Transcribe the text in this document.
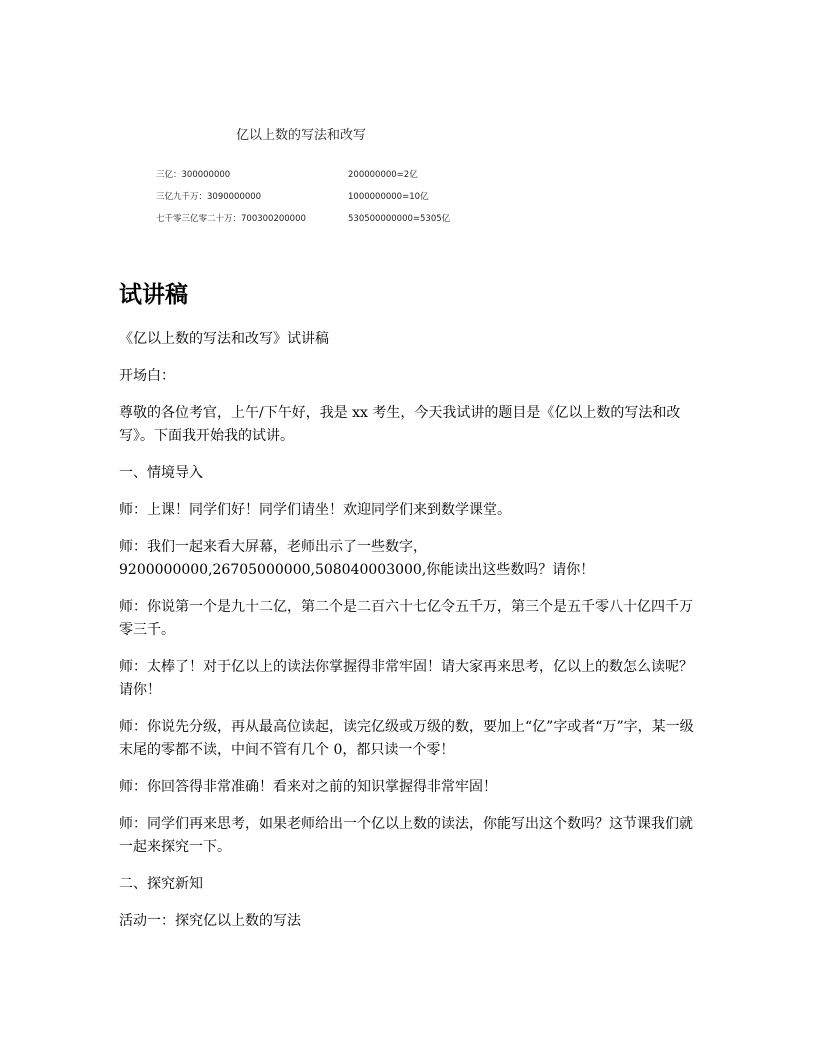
亿以上数的写法和改写
三亿：300000000	200000000=2亿
三亿九千万：3090000000	1000000000=10亿
七千零三亿零二十万：700300200000	530500000000=5305亿
试讲稿

《亿以上数的写法和改写》试讲稿

开场白：

尊敬的各位考官，上午/下午好，我是 xx 考生，今天我试讲的题目是《亿以上数的写法和改写》。下面我开始我的试讲。

一、情境导入

师：上课！同学们好！同学们请坐！欢迎同学们来到数学课堂。

师：我们一起来看大屏幕，老师出示了一些数字，9200000000,26705000000,508040003000,你能读出这些数吗？请你！

师：你说第一个是九十二亿，第二个是二百六十七亿令五千万，第三个是五千零八十亿四千万零三千。

师：太棒了！对于亿以上的读法你掌握得非常牢固！请大家再来思考，亿以上的数怎么读呢？请你！

师：你说先分级，再从最高位读起，读完亿级或万级的数，要加上“亿”字或者“万”字，某一级末尾的零都不读，中间不管有几个 0，都只读一个零！

师：你回答得非常准确！看来对之前的知识掌握得非常牢固！

师：同学们再来思考，如果老师给出一个亿以上数的读法，你能写出这个数吗？这节课我们就一起来探究一下。

二、探究新知

活动一：探究亿以上数的写法
